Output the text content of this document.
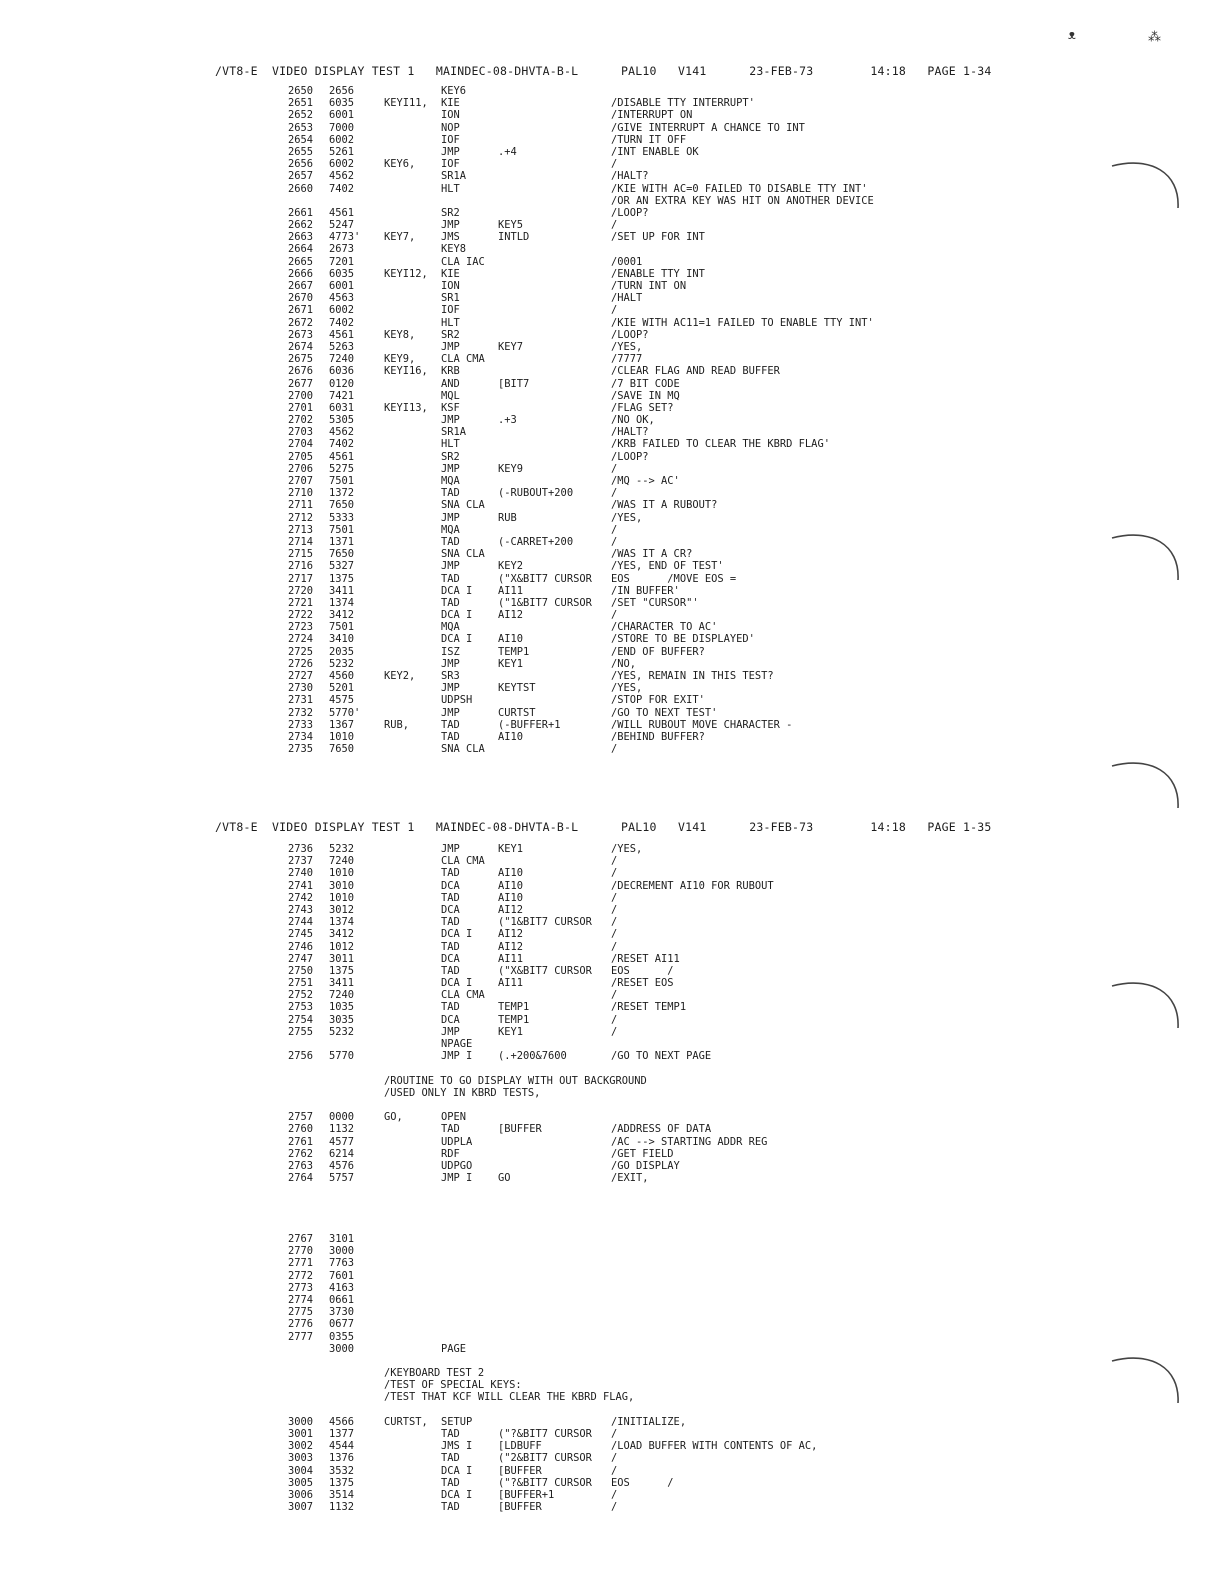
ᴥ	⁂
/VT8-E  VIDEO DISPLAY TEST 1   MAINDEC-08-DHVTA-B-L      PAL10   V141      23-FEB-73        14:18   PAGE 1-34
2650 2656	KEY6
2651 6035	KEYI11, KIE	/DISABLE TTY INTERRUPT'
2652 6001	ION	/INTERRUPT ON
2653 7000	NOP	/GIVE INTERRUPT A CHANCE TO INT
2654 6002	IOF	/TURN IT OFF
2655 5261	JMP	.+4	/INT ENABLE OK
2656 6002	KEY6, IOF	/
2657 4562	SR1A	/HALT?
2660 7402	HLT	/KIE WITH AC=0 FAILED TO DISABLE TTY INT'
/OR AN EXTRA KEY WAS HIT ON ANOTHER DEVICE
2661 4561	SR2	/LOOP?
2662 5247	JMP	KEY5	/
2663 4773' KEY7, JMS	INTLD	/SET UP FOR INT
2664 2673	KEY8
2665 7201	CLA IAC	/0001
2666 6035	KEYI12, KIE	/ENABLE TTY INT
2667 6001	ION	/TURN INT ON
2670 4563	SR1	/HALT
2671 6002	IOF	/
2672 7402	HLT	/KIE WITH AC11=1 FAILED TO ENABLE TTY INT'
2673 4561	KEY8, SR2	/LOOP?
2674 5263	JMP	KEY7	/YES,
2675 7240	KEY9, CLA CMA	/7777
2676 6036	KEYI16, KRB	/CLEAR FLAG AND READ BUFFER
2677 0120	AND	[BIT7	/7 BIT CODE
2700 7421	MQL	/SAVE IN MQ
2701 6031	KEYI13, KSF	/FLAG SET?
2702 5305	JMP	.+3	/NO OK,
2703 4562	SR1A	/HALT?
2704 7402	HLT	/KRB FAILED TO CLEAR THE KBRD FLAG'
2705 4561	SR2	/LOOP?
2706 5275	JMP	KEY9	/
2707 7501	MQA	/MQ --> AC'
2710 1372	TAD	(-RUBOUT+200	/
2711 7650	SNA CLA	/WAS IT A RUBOUT?
2712 5333	JMP	RUB	/YES,
2713 7501	MQA	/
2714 1371	TAD	(-CARRET+200	/
2715 7650	SNA CLA	/WAS IT A CR?
2716 5327	JMP	KEY2	/YES, END OF TEST'
2717 1375	TAD	("X&BIT7 CURSOR EOS      /MOVE EOS =
2720 3411	DCA I AI11	/IN BUFFER'
2721 1374	TAD	("1&BIT7 CURSOR /SET "CURSOR"'
2722 3412	DCA I AI12	/
2723 7501	MQA	/CHARACTER TO AC'
2724 3410	DCA I AI10	/STORE TO BE DISPLAYED'
2725 2035	ISZ	TEMP1	/END OF BUFFER?
2726 5232	JMP	KEY1	/NO,
2727 4560	KEY2, SR3	/YES, REMAIN IN THIS TEST?
2730 5201	JMP	KEYTST	/YES,
2731 4575	UDPSH	/STOP FOR EXIT'
2732 5770'	JMP	CURTST	/GO TO NEXT TEST'
2733 1367	RUB,	TAD	(-BUFFER+1	/WILL RUBOUT MOVE CHARACTER -
2734 1010	TAD	AI10	/BEHIND BUFFER?
2735 7650	SNA CLA	/
/VT8-E  VIDEO DISPLAY TEST 1   MAINDEC-08-DHVTA-B-L      PAL10   V141      23-FEB-73        14:18   PAGE 1-35
2736 5232	JMP	KEY1	/YES,
2737 7240	CLA CMA	/
2740 1010	TAD	AI10	/
2741 3010	DCA	AI10	/DECREMENT AI10 FOR RUBOUT
2742 1010	TAD	AI10	/
2743 3012	DCA	AI12	/
2744 1374	TAD	("1&BIT7 CURSOR /
2745 3412	DCA I AI12	/
2746 1012	TAD	AI12	/
2747 3011	DCA	AI11	/RESET AI11
2750 1375	TAD	("X&BIT7 CURSOR EOS      /
2751 3411	DCA I AI11	/RESET EOS
2752 7240	CLA CMA	/
2753 1035	TAD	TEMP1	/RESET TEMP1
2754 3035	DCA	TEMP1	/
2755 5232	JMP	KEY1	/
NPAGE
2756 5770	JMP I (.+200&7600	/GO TO NEXT PAGE
/ROUTINE TO GO DISPLAY WITH OUT BACKGROUND
/USED ONLY IN KBRD TESTS,
2757 0000	GO,	OPEN
2760 1132	TAD	[BUFFER	/ADDRESS OF DATA
2761 4577	UDPLA	/AC --> STARTING ADDR REG
2762 6214	RDF	/GET FIELD
2763 4576	UDPGO	/GO DISPLAY
2764 5757	JMP I GO	/EXIT,
2767 3101
2770 3000
2771 7763
2772 7601
2773 4163
2774 0661
2775 3730
2776 0677
2777 0355
3000	PAGE
/KEYBOARD TEST 2
/TEST OF SPECIAL KEYS:
/TEST THAT KCF WILL CLEAR THE KBRD FLAG,
3000 4566	CURTST, SETUP	/INITIALIZE,
3001 1377	TAD	("?&BIT7 CURSOR /
3002 4544	JMS I [LDBUFF	/LOAD BUFFER WITH CONTENTS OF AC,
3003 1376	TAD	("2&BIT7 CURSOR /
3004 3532	DCA I [BUFFER	/
3005 1375	TAD	("?&BIT7 CURSOR EOS      /
3006 3514	DCA I [BUFFER+1	/
3007 1132	TAD	[BUFFER	/
